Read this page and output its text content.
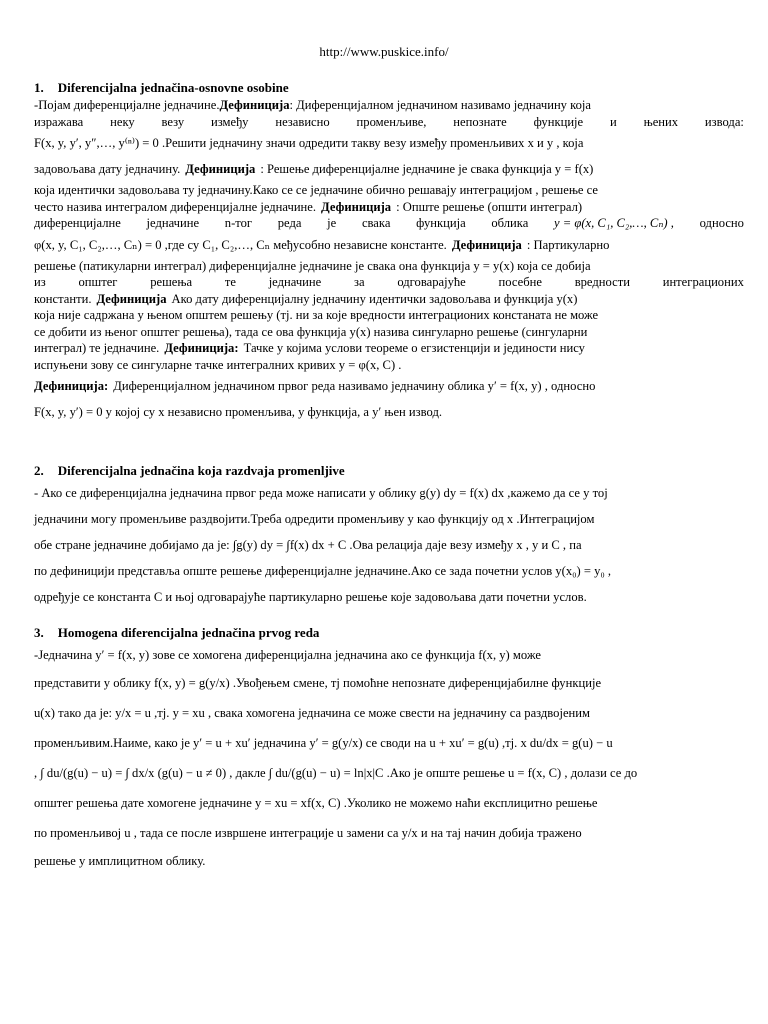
http://www.puskice.info/
1. Diferencijalna jednačina-osnovne osobine
-Појам диференцијалне једначине. Дефиниција: Диференцијалном једначином називамо једначину која
изражава неку везу између независно променљиве, непознате функције и њених извода:
F(x, y, y′, y″,…, y⁽ⁿ⁾) = 0 .Решити једначину значи одредити такву везу између променљивих x и y , која
задовољава дату једначину. Дефиниција : Решење диференцијалне једначине је свака функција y = f(x)
која идентички задовољава ту једначину.Како се се једначине обично решавају интеграцијом , решење се
често назива интегралом диференцијалне једначине. Дефиниција : Опште решење (општи интеграл)
диференцијалне једначине n-тог реда је свака функција облика y = φ(x, C₁, C₂,…, Cₙ) , односно
φ(x, y, C₁, C₂,…, Cₙ) = 0 ,где су C₁, C₂,…, Cₙ међусобно независне константе. Дефиниција : Партикуларно
решење (патикуларни интеграл) диференцијалне једначине је свака она функција y = y(x) која се добија
из	општег	решења	те	једначине	за	одговарајуће	посебне	вредности	интеграционих
константи. Дефиниција Ако дату диференцијалну једначину идентички задовољава и функција y(x)
која није садржана у њеном општем решењу (тј. ни за које вредности интеграционих констаната не може
се добити из њеног општег решења), тада се ова функција y(x) назива сингуларно решење (сингуларни
интеграл) те једначине. Дефиниција: Тачке у којима услови теореме о егзистенцији и јединости нису
испуњени зову се сингуларне тачке интегралних кривих y = φ(x, C) .
Дефиниција: Диференцијалном једначином првог реда називамо једначину облика y′ = f(x, y) , односно
F(x, y, y′) = 0 у којој су x независно променљива, y функција, а y′ њен извод.
2. Diferencijalna jednačina koja razdvaja promenljive
- Ако се диференцијална једначина првог реда може написати у облику g(y) dy = f(x) dx ,кажемо да се у тој
једначини могу променљиве раздвојити.Треба одредити променљиву y као функцију од x .Интеграцијом
обе стране једначине добијамо да је: ∫g(y) dy = ∫f(x) dx + C .Ова релација даје везу између x , y и C , па
по дефиницији представља опште решење диференцијалне једначине.Ако се зада почетни услов y(x₀) = y₀ ,
одређује се константа C и њој одговарајуће партикуларно решење које задовољава дати почетни услов.
3. Homogena diferencijalna jednačina prvog reda
-Једначина y′ = f(x, y) зове се хомогена диференцијална једначина ако се функција f(x, y) може
представити у облику f(x, y) = g(y/x) .Увођењем смене, тј помоћне непознате диференцијабилне функције
u(x) тако да је: y/x = u ,тј. y = xu , свака хомогена једначина се може свести на једначину са раздвојеним
променљивим.Наиме, како је y′ = u + xu′ једначина y′ = g(y/x) се своди на u + xu′ = g(u) ,тј. x du/dx = g(u) − u
, ∫ du/(g(u) − u) = ∫ dx/x (g(u) − u ≠ 0) , дакле ∫ du/(g(u) − u) = ln|x|C .Ако је опште решење u = f(x, C) , долази се до
општег решења дате хомогене једначине y = xu = xf(x, C) .Уколико не можемо наћи експлицитно решење
по променљивој u , тада се после извршене интеграције u замени са y/x и на тај начин добија тражено
решење у имплицитном облику.
